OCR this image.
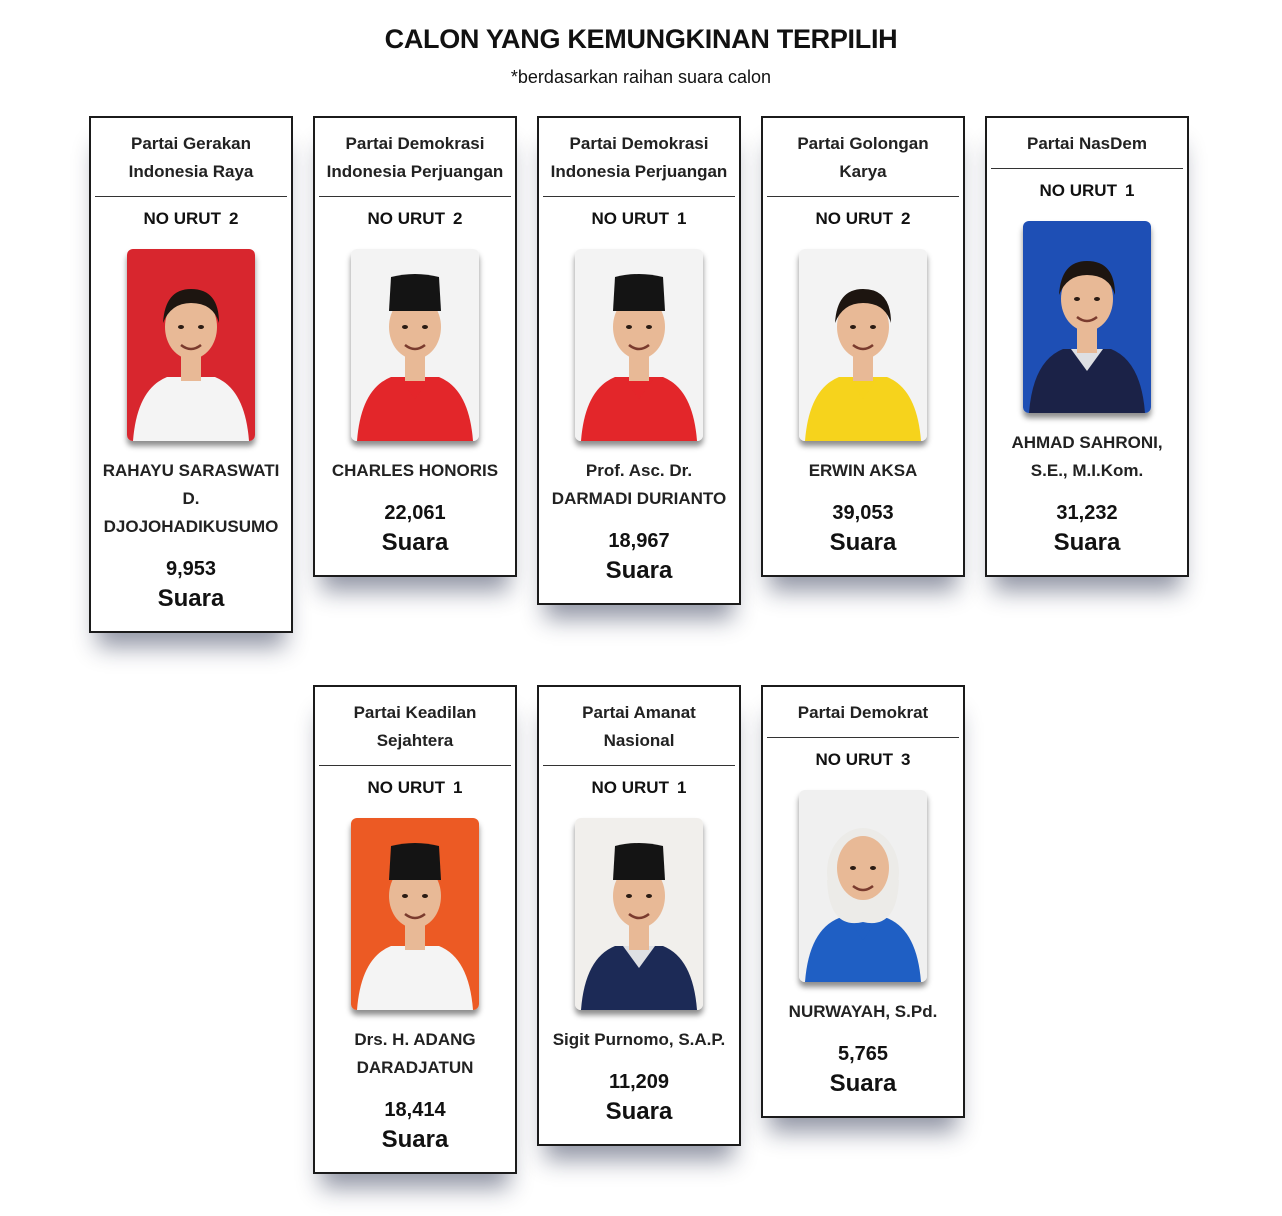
CALON YANG KEMUNGKINAN TERPILIH
*berdasarkan raihan suara calon
Partai Gerakan Indonesia Raya
NO URUT 2
RAHAYU SARASWATI D. DJOJOHADIKUSUMO
9,953
Suara
Partai Demokrasi Indonesia Perjuangan
NO URUT 2
CHARLES HONORIS
22,061
Suara
Partai Demokrasi Indonesia Perjuangan
NO URUT 1
Prof. Asc. Dr. DARMADI DURIANTO
18,967
Suara
Partai Golongan Karya
NO URUT 2
ERWIN AKSA
39,053
Suara
Partai NasDem
NO URUT 1
AHMAD SAHRONI, S.E., M.I.Kom.
31,232
Suara
Partai Keadilan Sejahtera
NO URUT 1
Drs. H. ADANG DARADJATUN
18,414
Suara
Partai Amanat Nasional
NO URUT 1
Sigit Purnomo, S.A.P.
11,209
Suara
Partai Demokrat
NO URUT 3
NURWAYAH, S.Pd.
5,765
Suara
